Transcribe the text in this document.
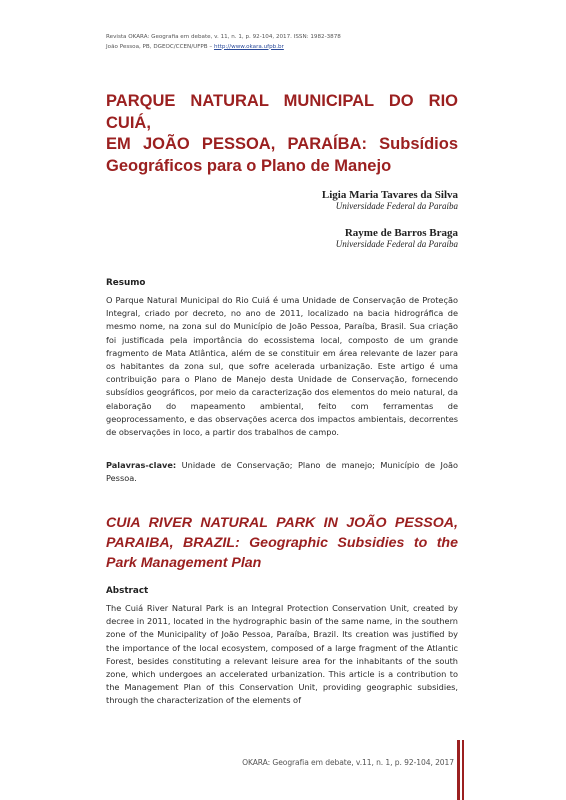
Revista OKARA: Geografia em debate, v. 11, n. 1, p. 92-104, 2017. ISSN: 1982-3878
João Pessoa, PB, DGEOC/CCEN/UFPB – http://www.okara.ufpb.br
PARQUE NATURAL MUNICIPAL DO RIO CUIÁ,
EM JOÃO PESSOA, PARAÍBA: Subsídios
Geográficos para o Plano de Manejo
Ligia Maria Tavares da Silva
Universidade Federal da Paraíba
Rayme de Barros Braga
Universidade Federal da Paraíba
Resumo

O Parque Natural Municipal do Rio Cuiá é uma Unidade de Conservação de Proteção Integral, criado por decreto, no ano de 2011, localizado na bacia hidrográfica de mesmo nome, na zona sul do Município de João Pessoa, Paraíba, Brasil. Sua criação foi justificada pela importância do ecossistema local, composto de um grande fragmento de Mata Atlântica, além de se constituir em área relevante de lazer para os habitantes da zona sul, que sofre acelerada urbanização. Este artigo é uma contribuição para o Plano de Manejo desta Unidade de Conservação, fornecendo subsídios geográficos, por meio da caracterização dos elementos do meio natural, da elaboração do mapeamento ambiental, feito com ferramentas de geoprocessamento, e das observações acerca dos impactos ambientais, decorrentes de observações in loco, a partir dos trabalhos de campo.

Palavras-clave: Unidade de Conservação; Plano de manejo; Município de João Pessoa.

CUIA RIVER NATURAL PARK IN JOÃO PESSOA,
PARAIBA, BRAZIL: Geographic Subsidies to the
Park Management Plan
Abstract

The Cuiá River Natural Park is an Integral Protection Conservation Unit, created by decree in 2011, located in the hydrographic basin of the same name, in the southern zone of the Municipality of João Pessoa, Paraíba, Brazil. Its creation was justified by the importance of the local ecosystem, composed of a large fragment of the Atlantic Forest, besides constituting a relevant leisure area for the inhabitants of the south zone, which undergoes an accelerated urbanization. This article is a contribution to the Management Plan of this Conservation Unit, providing geographic subsidies, through the characterization of the elements of

OKARA: Geografia em debate, v.11, n. 1, p. 92-104, 2017
